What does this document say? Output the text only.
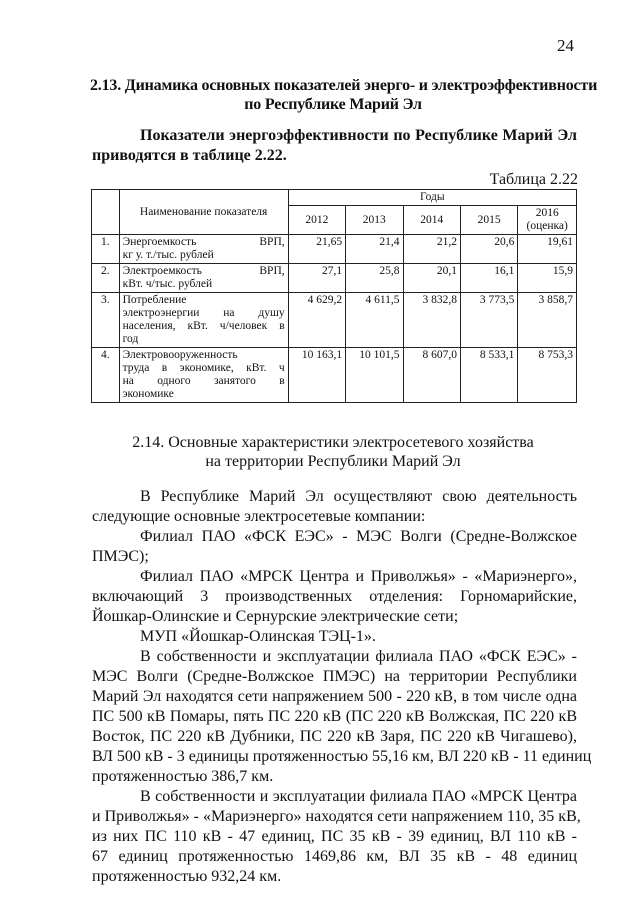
24
2.13. Динамика основных показателей энерго- и электроэффективности
по Республике Марий Эл
Показатели энергоэффективности по Республике Марий Эл
приводятся в таблице 2.22.
Таблица 2.22
	Наименование показателя	Годы				
		2012	2013	2014	2015	2016 (оценка)
1.	Энергоемкость ВРП,
кг у. т./тыс. рублей	21,65	21,4	21,2	20,6	19,61
2.	Электроемкость ВРП,
кВт. ч/тыс. рублей	27,1	25,8	20,1	16,1	15,9
3.	Потребление
электроэнергии на душу
населения, кВт. ч/человек в
год	4 629,2	4 611,5	3 832,8	3 773,5	3 858,7
4.	Электровооруженность
труда в экономике, кВт. ч
на одного занятого в
экономике	10 163,1	10 101,5	8 607,0	8 533,1	8 753,3
2.14. Основные характеристики электросетевого хозяйства
на территории Республики Марий Эл
В Республике Марий Эл осуществляют свою деятельность
следующие основные электросетевые компании:
Филиал ПАО «ФСК ЕЭС» - МЭС Волги (Средне-Волжское
ПМЭС);
Филиал ПАО «МРСК Центра и Приволжья» - «Мариэнерго»,
включающий 3 производственных отделения: Горномарийские,
Йошкар-Олинские и Сернурские электрические сети;
МУП «Йошкар-Олинская ТЭЦ-1».
В собственности и эксплуатации филиала ПАО «ФСК ЕЭС» -
МЭС Волги (Средне-Волжское ПМЭС) на территории Республики
Марий Эл находятся сети напряжением 500 - 220 кВ, в том числе одна
ПС 500 кВ Помары, пять ПС 220 кВ (ПС 220 кВ Волжская, ПС 220 кВ
Восток, ПС 220 кВ Дубники, ПС 220 кВ Заря, ПС 220 кВ Чигашево),
ВЛ 500 кВ - 3 единицы протяженностью 55,16 км, ВЛ 220 кВ - 11 единиц
протяженностью 386,7 км.
В собственности и эксплуатации филиала ПАО «МРСК Центра
и Приволжья» - «Мариэнерго» находятся сети напряжением 110, 35 кВ,
из них ПС 110 кВ - 47 единиц, ПС 35 кВ - 39 единиц, ВЛ 110 кВ -
67 единиц протяженностью 1469,86 км, ВЛ 35 кВ - 48 единиц
протяженностью 932,24 км.
